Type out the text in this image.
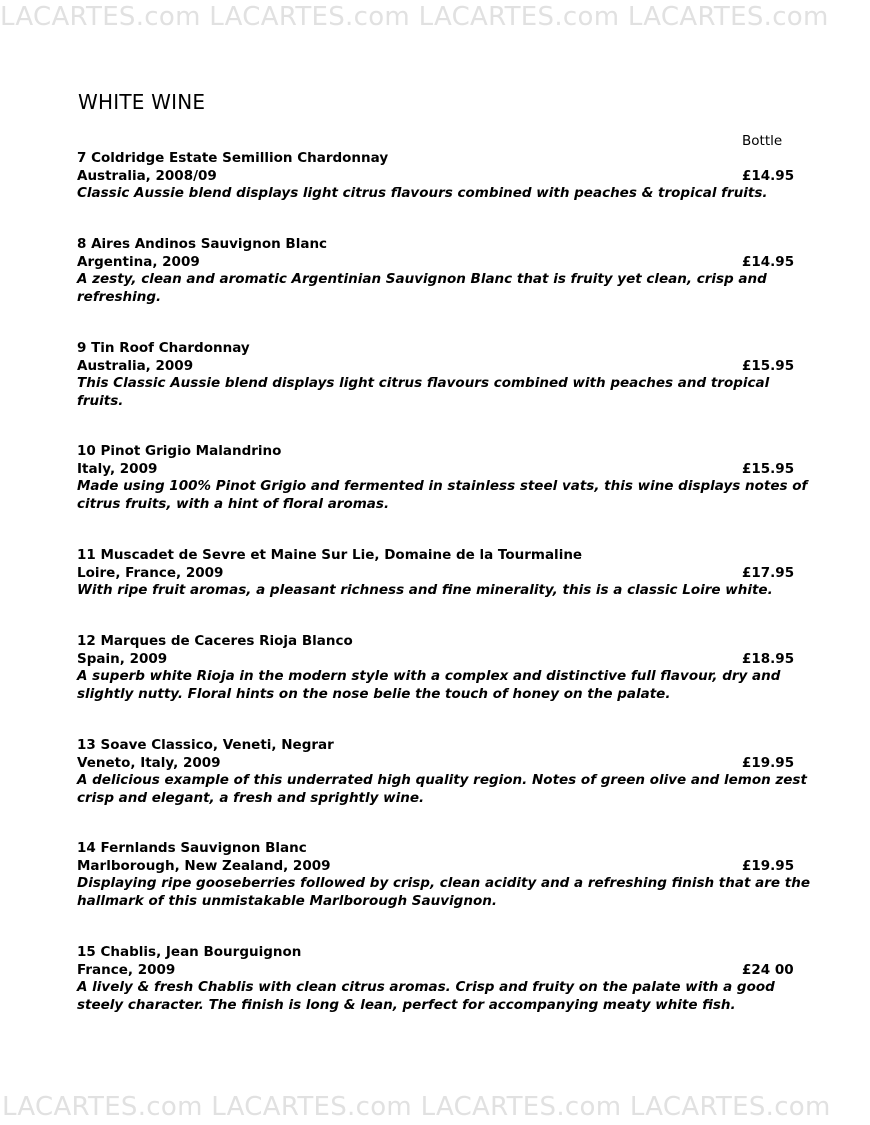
LACARTES.com LACARTES.com LACARTES.com LACARTES.com
WHITE WINE
Bottle
7 Coldridge Estate Semillion Chardonnay
Australia, 2008/09	£14.95
Classic Aussie blend displays light citrus flavours combined with peaches & tropical fruits.
8 Aires Andinos Sauvignon Blanc
Argentina, 2009	£14.95
A zesty, clean and aromatic Argentinian Sauvignon Blanc that is fruity yet clean, crisp and refreshing.
9 Tin Roof Chardonnay
Australia, 2009	£15.95
This Classic Aussie blend displays light citrus flavours combined with peaches and tropical fruits.
10 Pinot Grigio Malandrino
Italy, 2009	£15.95
Made using 100% Pinot Grigio and fermented in stainless steel vats, this wine displays notes of citrus fruits, with a hint of floral aromas.
11 Muscadet de Sevre et Maine Sur Lie, Domaine de la Tourmaline
Loire, France, 2009	£17.95
With ripe fruit aromas, a pleasant richness and fine minerality, this is a classic Loire white.
12 Marques de Caceres Rioja Blanco
Spain, 2009	£18.95
A superb white Rioja in the modern style with a complex and distinctive full flavour, dry and slightly nutty. Floral hints on the nose belie the touch of honey on the palate.
13 Soave Classico, Veneti, Negrar
Veneto, Italy, 2009	£19.95
A delicious example of this underrated high quality region. Notes of green olive and lemon zest crisp and elegant, a fresh and sprightly wine.
14 Fernlands Sauvignon Blanc
Marlborough, New Zealand, 2009	£19.95
Displaying ripe gooseberries followed by crisp, clean acidity and a refreshing finish that are the hallmark of this unmistakable Marlborough Sauvignon.
15 Chablis, Jean Bourguignon
France, 2009	£24 00
A lively & fresh Chablis with clean citrus aromas. Crisp and fruity on the palate with a good steely character. The finish is long & lean, perfect for accompanying meaty white fish.
LACARTES.com LACARTES.com LACARTES.com LACARTES.com
